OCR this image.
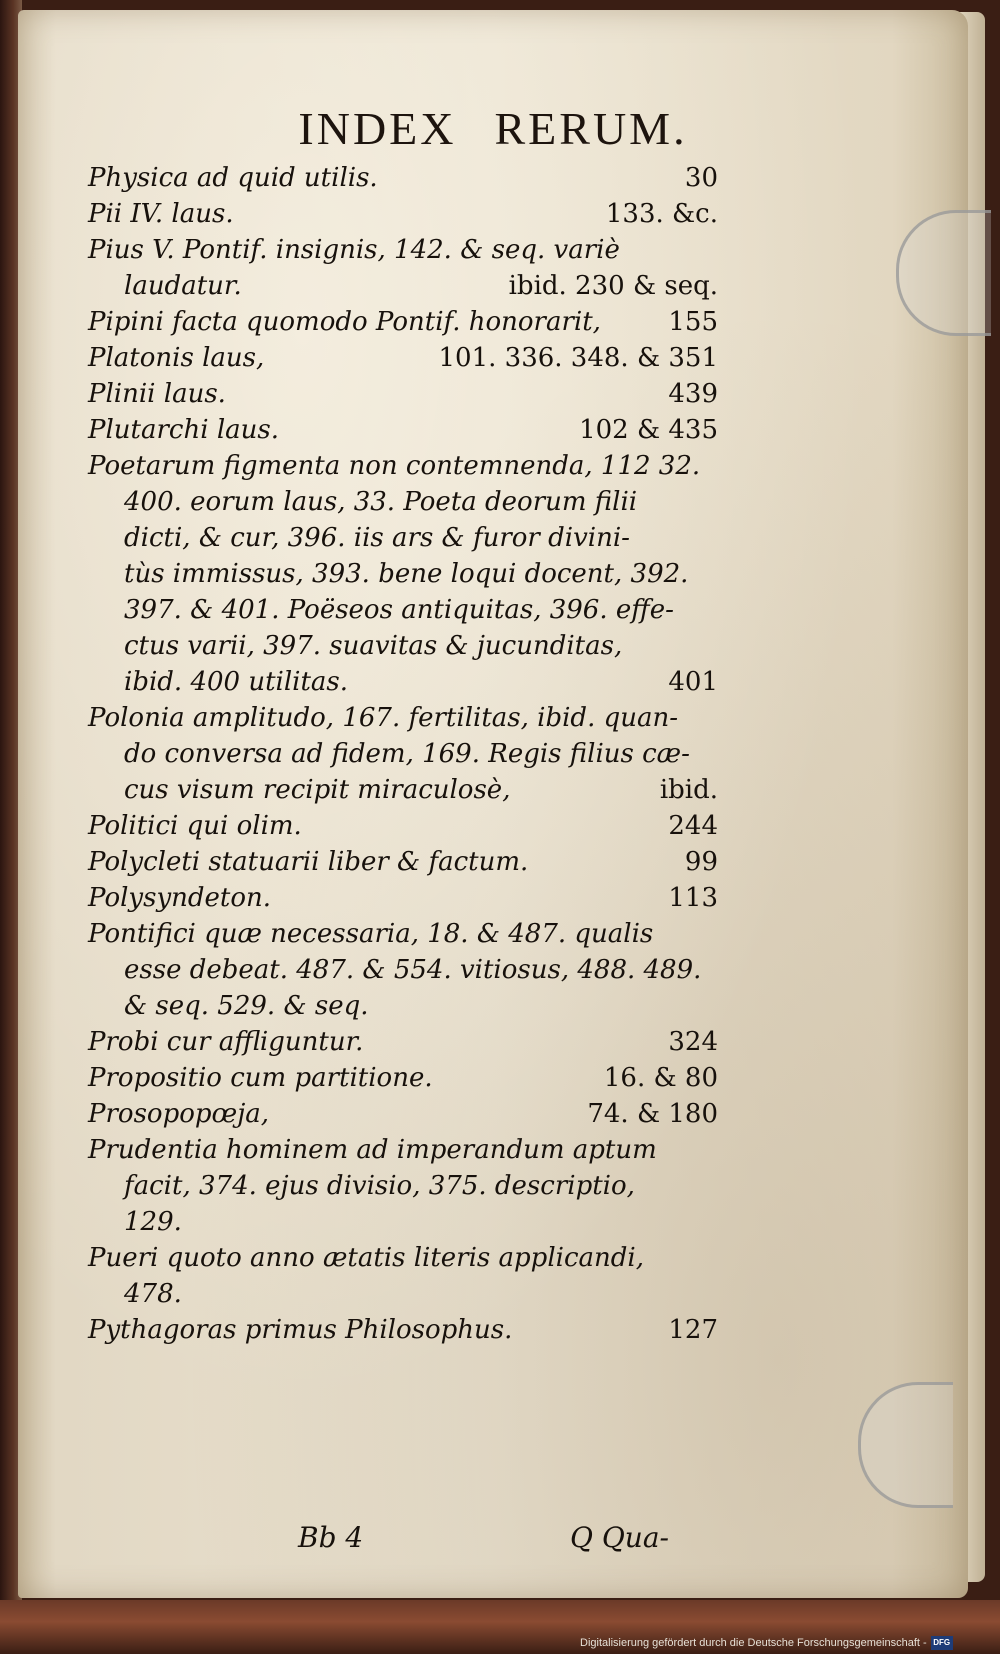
INDEX RERUM.
Physica ad quid utilis.	30
Pii IV. laus.	133. &c.
Pius V. Pontif. insignis, 142. & seq. variè
laudatur.	ibid. 230 & seq.
Pipini facta quomodo Pontif. honorarit,	155
Platonis laus,	101. 336. 348. & 351
Plinii laus.	439
Plutarchi laus.	102 & 435
Poetarum figmenta non contemnenda, 112 32.
400. eorum laus, 33. Poeta deorum filii
dicti, & cur, 396. iis ars & furor divini-
tùs immissus, 393. bene loqui docent, 392.
397. & 401. Poëseos antiquitas, 396. effe-
ctus varii, 397. suavitas & jucunditas,
ibid. 400 utilitas.	401
Polonia amplitudo, 167. fertilitas, ibid. quan-
do conversa ad fidem, 169. Regis filius cæ-
cus visum recipit miraculosè,	ibid.
Politici qui olim.	244
Polycleti statuarii liber & factum.	99
Polysyndeton.	113
Pontifici quæ necessaria, 18. & 487. qualis
esse debeat. 487. & 554. vitiosus, 488. 489.
& seq. 529. & seq.
Probi cur affliguntur.	324
Propositio cum partitione.	16. & 80
Prosopopœja,	74. & 180
Prudentia hominem ad imperandum aptum
facit, 374. ejus divisio, 375. descriptio,
129.
Pueri quoto anno ætatis literis applicandi,
478.
Pythagoras primus Philosophus.	127
Bb 4	Q Qua-
Digitalisierung gefördert durch die Deutsche Forschungsgemeinschaft - DFG
